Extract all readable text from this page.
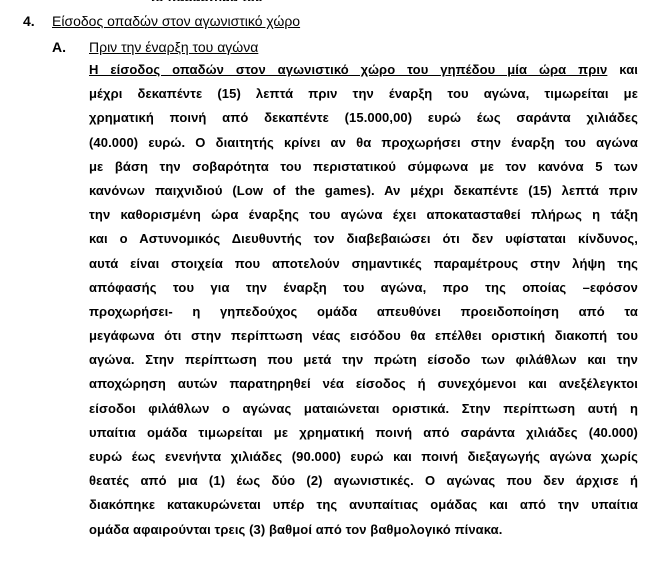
4. Είσοδος οπαδών στον αγωνιστικό χώρο
Α. Πριν την έναρξη του αγώνα
Η είσοδος οπαδών στον αγωνιστικό χώρο του γηπέδου μία ώρα πριν και
μέχρι δεκαπέντε (15) λεπτά πριν την έναρξη του αγώνα, τιμωρείται με
χρηματική ποινή από δεκαπέντε (15.000,00) ευρώ έως σαράντα χιλιάδες
(40.000) ευρώ. Ο διαιτητής κρίνει αν θα προχωρήσει στην έναρξη του αγώνα
με βάση την σοβαρότητα του περιστατικού σύμφωνα με τον κανόνα 5 των
κανόνων παιχνιδιού (Low of the games). Αν μέχρι δεκαπέντε (15) λεπτά πριν
την καθορισμένη ώρα έναρξης του αγώνα έχει αποκατασταθεί πλήρως η τάξη
και ο Αστυνομικός Διευθυντής τον διαβεβαιώσει ότι δεν υφίσταται κίνδυνος,
αυτά είναι στοιχεία που αποτελούν σημαντικές παραμέτρους στην λήψη της
απόφασής του για την έναρξη του αγώνα, προ της οποίας –εφόσον
προχωρήσει- η γηπεδούχος ομάδα απευθύνει προειδοποίηση από τα
μεγάφωνα ότι στην περίπτωση νέας εισόδου θα επέλθει οριστική διακοπή του
αγώνα. Στην περίπτωση που μετά την πρώτη είσοδο των φιλάθλων και την
αποχώρηση αυτών παρατηρηθεί νέα είσοδος ή συνεχόμενοι και ανεξέλεγκτοι
είσοδοι φιλάθλων ο αγώνας ματαιώνεται οριστικά. Στην περίπτωση αυτή η
υπαίτια ομάδα τιμωρείται με χρηματική ποινή από σαράντα χιλιάδες (40.000)
ευρώ έως ενενήντα χιλιάδες (90.000) ευρώ και ποινή διεξαγωγής αγώνα χωρίς
θεατές από μια (1) έως δύο (2) αγωνιστικές. Ο αγώνας που δεν άρχισε ή
διακόπηκε κατακυρώνεται υπέρ της ανυπαίτιας ομάδας και από την υπαίτια
ομάδα αφαιρούνται τρεις (3) βαθμοί από τον βαθμολογικό πίνακα.
